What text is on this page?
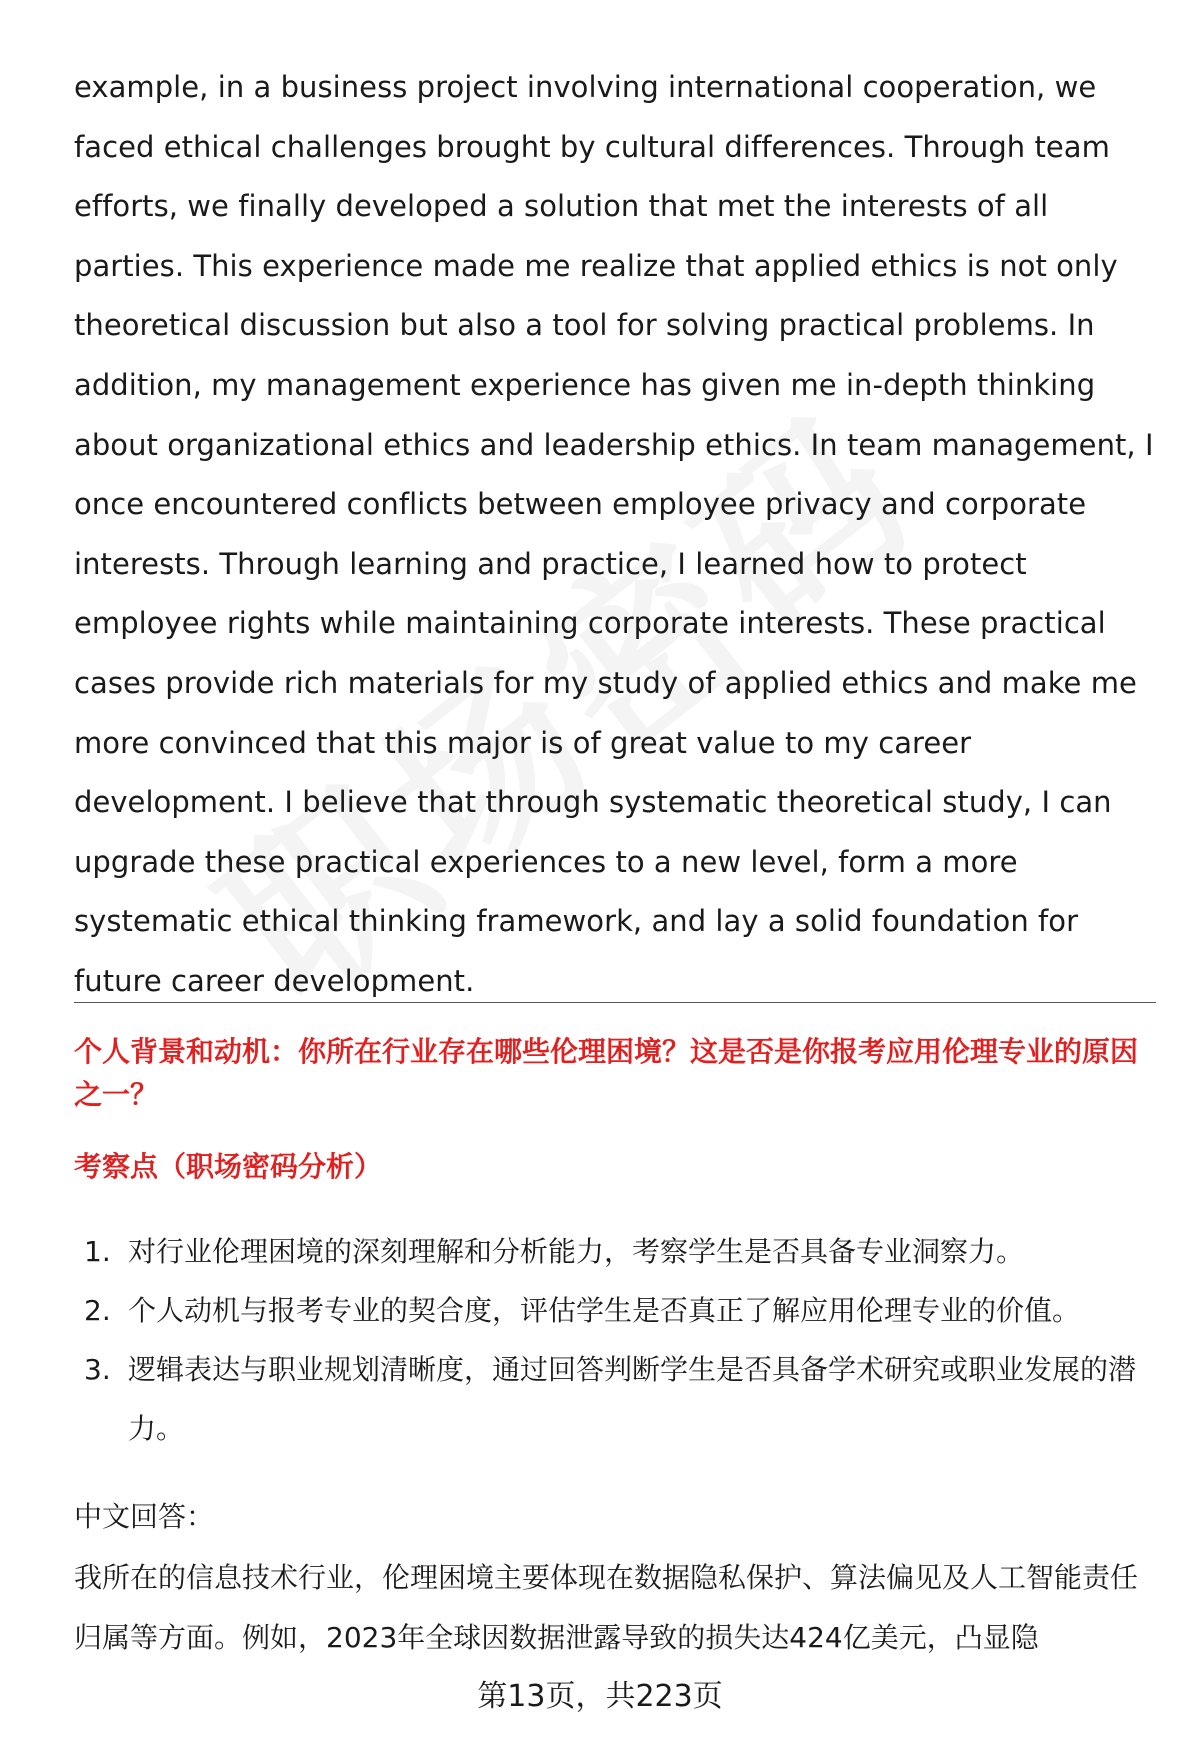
example, in a business project involving international cooperation, we faced ethical challenges brought by cultural differences. Through team efforts, we finally developed a solution that met the interests of all parties. This experience made me realize that applied ethics is not only theoretical discussion but also a tool for solving practical problems. In addition, my management experience has given me in-depth thinking about organizational ethics and leadership ethics. In team management, I once encountered conflicts between employee privacy and corporate interests. Through learning and practice, I learned how to protect employee rights while maintaining corporate interests. These practical cases provide rich materials for my study of applied ethics and make me more convinced that this major is of great value to my career development. I believe that through systematic theoretical study, I can upgrade these practical experiences to a new level, form a more systematic ethical thinking framework, and lay a solid foundation for future career development.

个人背景和动机：你所在行业存在哪些伦理困境？这是否是你报考应用伦理专业的原因之一？

考察点（职场密码分析）

1. 对行业伦理困境的深刻理解和分析能力，考察学生是否具备专业洞察力。
2. 个人动机与报考专业的契合度，评估学生是否真正了解应用伦理专业的价值。
3. 逻辑表达与职业规划清晰度，通过回答判断学生是否具备学术研究或职业发展的潜力。

中文回答：

我所在的信息技术行业，伦理困境主要体现在数据隐私保护、算法偏见及人工智能责任归属等方面。例如，2023年全球因数据泄露导致的损失达424亿美元，凸显隐

第13页，共223页
